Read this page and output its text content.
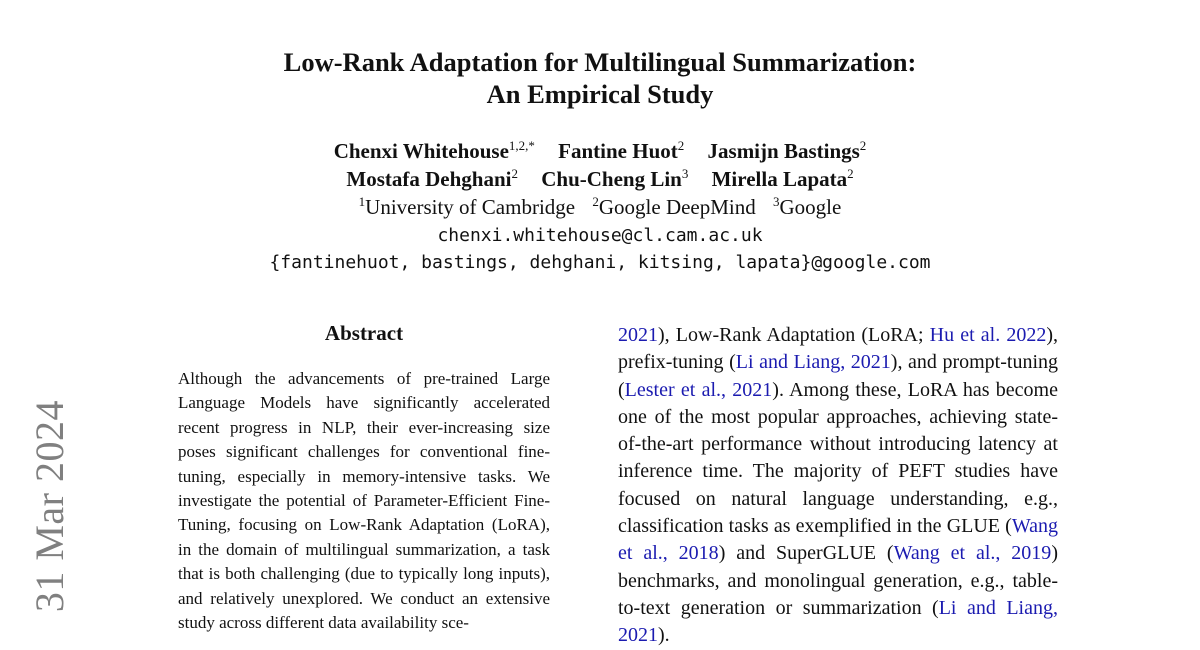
31 Mar 2024
Low-Rank Adaptation for Multilingual Summarization:
An Empirical Study
Chenxi Whitehouse$^{1,2,*}$ Fantine Huot$^2$ Jasmijn Bastings$^2$
Mostafa Dehghani$^2$ Chu-Cheng Lin$^3$ Mirella Lapata$^2$
$^1$University of Cambridge $^2$Google DeepMind $^3$Google
chenxi.whitehouse@cl.cam.ac.uk
{fantinehuot, bastings, dehghani, kitsing, lapata}@google.com
Abstract
Although the advancements of pre-trained Large Language Models have significantly accelerated recent progress in NLP, their ever-increasing size poses significant challenges for conventional fine-tuning, especially in memory-intensive tasks. We investigate the potential of Parameter-Efficient Fine-Tuning, focusing on Low-Rank Adaptation (LoRA), in the domain of multilingual summarization, a task that is both challenging (due to typically long inputs), and relatively unexplored. We conduct an extensive study across different data availability sce-
2021), Low-Rank Adaptation (LoRA; Hu et al. 2022), prefix-tuning (Li and Liang, 2021), and prompt-tuning (Lester et al., 2021). Among these, LoRA has become one of the most popular approaches, achieving state-of-the-art performance without introducing latency at inference time. The majority of PEFT studies have focused on natural language understanding, e.g., classification tasks as exemplified in the GLUE (Wang et al., 2018) and SuperGLUE (Wang et al., 2019) benchmarks, and monolingual generation, e.g., table-to-text generation or summarization (Li and Liang, 2021).
